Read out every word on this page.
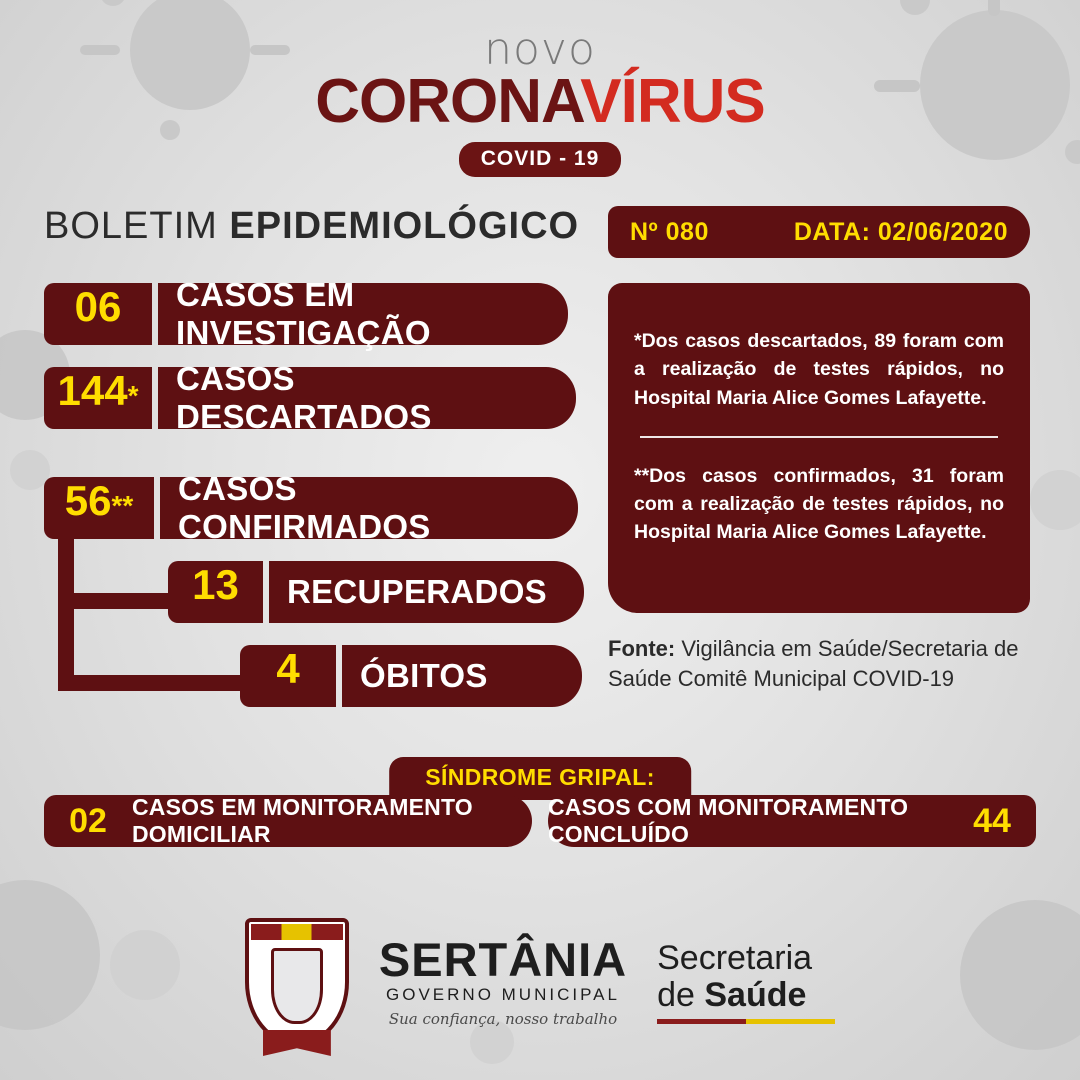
novo
CORONAVÍRUS
COVID - 19
BOLETIM EPIDEMIOLÓGICO Nº 080	DATA: 02/06/2020
06 CASOS EM INVESTIGAÇÃO
144 * CASOS DESCARTADOS
56 ** CASOS CONFIRMADOS
13 RECUPERADOS
4 ÓBITOS

*Dos casos descartados, 89 foram com a realização de testes rápidos, no Hospital Maria Alice Gomes Lafayette.

**Dos casos confirmados, 31 foram com a realização de testes rápidos, no Hospital Maria Alice Gomes Lafayette.

Fonte: Vigilância em Saúde/Secretaria de Saúde Comitê Municipal COVID-19
SÍNDROME GRIPAL:
02	CASOS EM MONITORAMENTO DOMICILIAR
CASOS COM MONITORAMENTO CONCLUÍDO	44
SERTÂNIA
GOVERNO MUNICIPAL
Sua confiança, nosso trabalho
Secretaria
de Saúde
